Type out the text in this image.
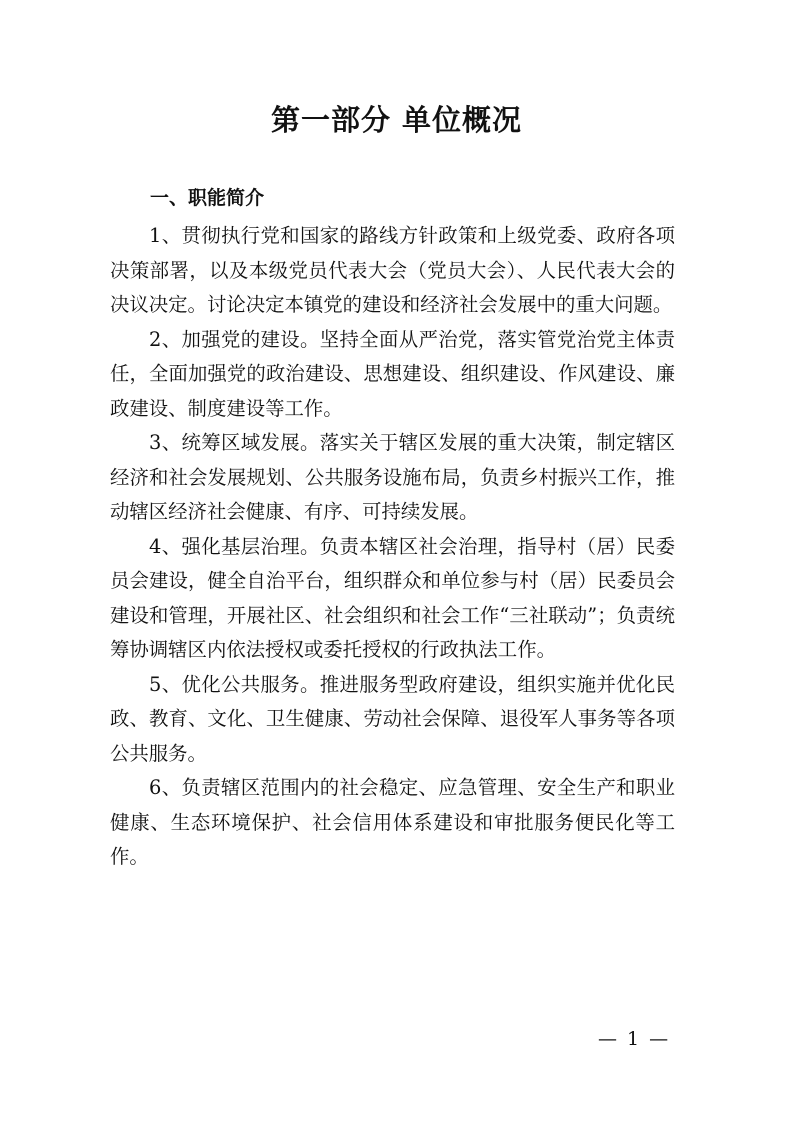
第一部分 单位概况
一、职能简介

1、贯彻执行党和国家的路线方针政策和上级党委、政府各项决策部署，以及本级党员代表大会（党员大会）、人民代表大会的决议决定。讨论决定本镇党的建设和经济社会发展中的重大问题。

2、加强党的建设。坚持全面从严治党，落实管党治党主体责任，全面加强党的政治建设、思想建设、组织建设、作风建设、廉政建设、制度建设等工作。

3、统筹区域发展。落实关于辖区发展的重大决策，制定辖区经济和社会发展规划、公共服务设施布局，负责乡村振兴工作，推动辖区经济社会健康、有序、可持续发展。

4、强化基层治理。负责本辖区社会治理，指导村（居）民委员会建设，健全自治平台，组织群众和单位参与村（居）民委员会建设和管理，开展社区、社会组织和社会工作“三社联动”；负责统筹协调辖区内依法授权或委托授权的行政执法工作。

5、优化公共服务。推进服务型政府建设，组织实施并优化民政、教育、文化、卫生健康、劳动社会保障、退役军人事务等各项公共服务。

6、负责辖区范围内的社会稳定、应急管理、安全生产和职业健康、生态环境保护、社会信用体系建设和审批服务便民化等工作。

— 1 —
